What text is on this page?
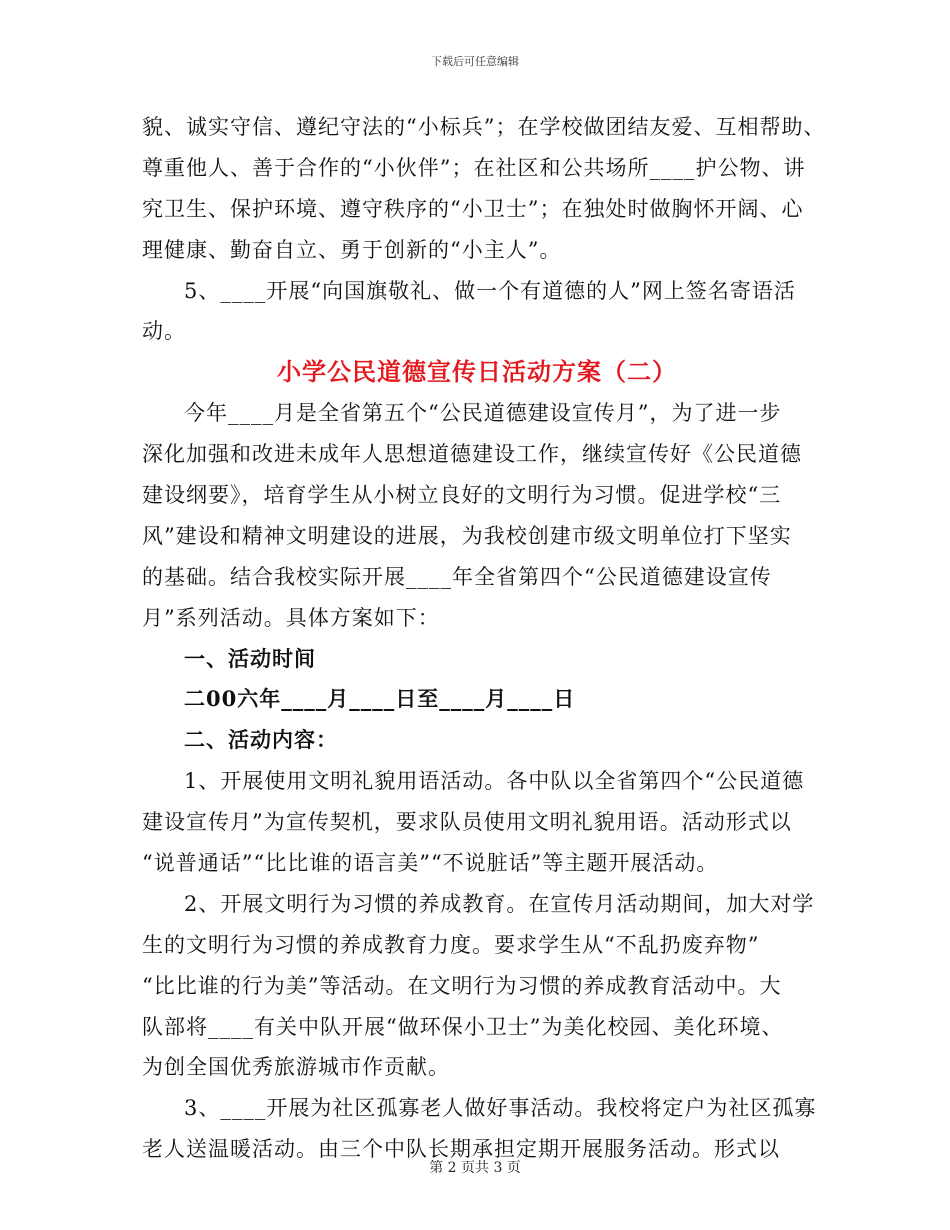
下载后可任意编辑
貌、诚实守信、遵纪守法的“小标兵”；在学校做团结友爱、互相帮助、
尊重他人、善于合作的“小伙伴”；在社区和公共场所____护公物、讲
究卫生、保护环境、遵守秩序的“小卫士”；在独处时做胸怀开阔、心
理健康、勤奋自立、勇于创新的“小主人”。
5、____开展“向国旗敬礼、做一个有道德的人”网上签名寄语活
动。
小学公民道德宣传日活动方案（二）
今年____月是全省第五个“公民道德建设宣传月”，为了进一步
深化加强和改进未成年人思想道德建设工作，继续宣传好《公民道德
建设纲要》，培育学生从小树立良好的文明行为习惯。促进学校“三
风”建设和精神文明建设的进展，为我校创建市级文明单位打下坚实
的基础。结合我校实际开展____年全省第四个“公民道德建设宣传
月”系列活动。具体方案如下：
一、活动时间
二00六年____月____日至____月____日
二、活动内容：
1、开展使用文明礼貌用语活动。各中队以全省第四个“公民道德
建设宣传月”为宣传契机，要求队员使用文明礼貌用语。活动形式以
“说普通话”“比比谁的语言美”“不说脏话”等主题开展活动。
2、开展文明行为习惯的养成教育。在宣传月活动期间，加大对学
生的文明行为习惯的养成教育力度。要求学生从“不乱扔废弃物”
“比比谁的行为美”等活动。在文明行为习惯的养成教育活动中。大
队部将____有关中队开展“做环保小卫士”为美化校园、美化环境、
为创全国优秀旅游城市作贡献。
3、____开展为社区孤寡老人做好事活动。我校将定户为社区孤寡
老人送温暖活动。由三个中队长期承担定期开展服务活动。形式以
第 2 页共 3 页
